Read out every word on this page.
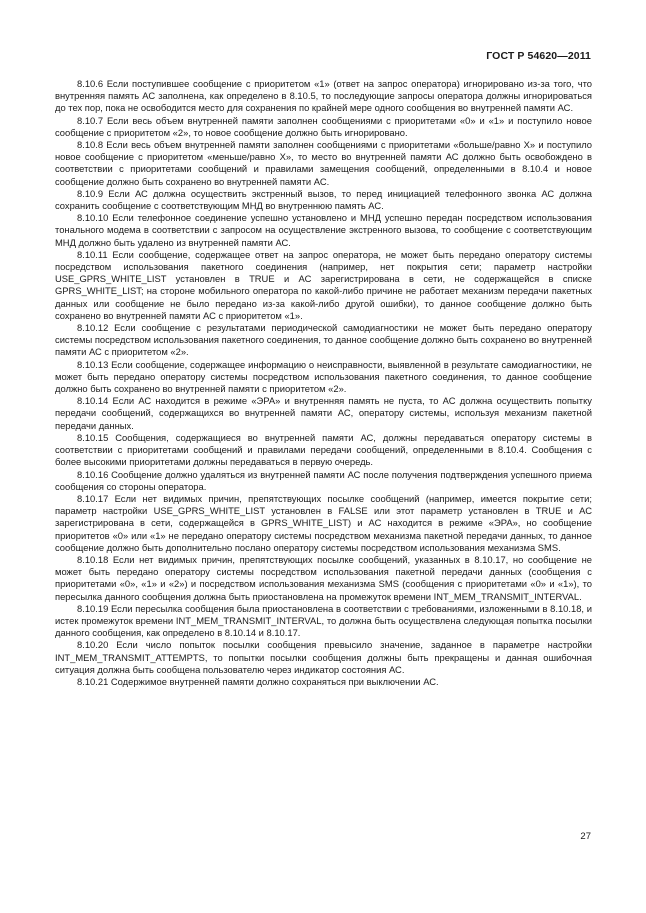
ГОСТ Р 54620—2011

8.10.6 Если поступившее сообщение с приоритетом «1» (ответ на запрос оператора) игнорировано из-за того, что внутренняя память АС заполнена, как определено в 8.10.5, то последующие запросы оператора должны игнорироваться до тех пор, пока не освободится место для сохранения по крайней мере одного сообщения во внутренней памяти АС.

8.10.7 Если весь объем внутренней памяти заполнен сообщениями с приоритетами «0» и «1» и поступило новое сообщение с приоритетом «2», то новое сообщение должно быть игнорировано.

8.10.8 Если весь объем внутренней памяти заполнен сообщениями с приоритетами «больше/равно X» и поступило новое сообщение с приоритетом «меньше/равно X», то место во внутренней памяти АС должно быть освобождено в соответствии с приоритетами сообщений и правилами замещения сообщений, определенными в 8.10.4 и новое сообщение должно быть сохранено во внутренней памяти АС.

8.10.9 Если АС должна осуществить экстренный вызов, то перед инициацией телефонного звонка АС должна сохранить сообщение с соответствующим МНД во внутреннюю память АС.

8.10.10 Если телефонное соединение успешно установлено и МНД успешно передан посредством использования тонального модема в соответствии с запросом на осуществление экстренного вызова, то сообщение с соответствующим МНД должно быть удалено из внутренней памяти АС.

8.10.11 Если сообщение, содержащее ответ на запрос оператора, не может быть передано оператору системы посредством использования пакетного соединения (например, нет покрытия сети; параметр настройки USE_GPRS_WHITE_LIST установлен в TRUE и АС зарегистрирована в сети, не содержащейся в списке GPRS_WHITE_LIST; на стороне мобильного оператора по какой-либо причине не работает механизм передачи пакетных данных или сообщение не было передано из-за какой-либо другой ошибки), то данное сообщение должно быть сохранено во внутренней памяти АС с приоритетом «1».

8.10.12 Если сообщение с результатами периодической самодиагностики не может быть передано оператору системы посредством использования пакетного соединения, то данное сообщение должно быть сохранено во внутренней памяти АС с приоритетом «2».

8.10.13 Если сообщение, содержащее информацию о неисправности, выявленной в результате самодиагностики, не может быть передано оператору системы посредством использования пакетного соединения, то данное сообщение должно быть сохранено во внутренней памяти с приоритетом «2».

8.10.14 Если АС находится в режиме «ЭРА» и внутренняя память не пуста, то АС должна осуществить попытку передачи сообщений, содержащихся во внутренней памяти АС, оператору системы, используя механизм пакетной передачи данных.

8.10.15 Сообщения, содержащиеся во внутренней памяти АС, должны передаваться оператору системы в соответствии с приоритетами сообщений и правилами передачи сообщений, определенными в 8.10.4. Сообщения с более высокими приоритетами должны передаваться в первую очередь.

8.10.16 Сообщение должно удаляться из внутренней памяти АС после получения подтверждения успешного приема сообщения со стороны оператора.

8.10.17 Если нет видимых причин, препятствующих посылке сообщений (например, имеется покрытие сети; параметр настройки USE_GPRS_WHITE_LIST установлен в FALSE или этот параметр установлен в TRUE и АС зарегистрирована в сети, содержащейся в GPRS_WHITE_LIST) и АС находится в режиме «ЭРА», но сообщение приоритетов «0» или «1» не передано оператору системы посредством механизма пакетной передачи данных, то данное сообщение должно быть дополнительно послано оператору системы посредством использования механизма SMS.

8.10.18 Если нет видимых причин, препятствующих посылке сообщений, указанных в 8.10.17, но сообщение не может быть передано оператору системы посредством использования пакетной передачи данных (сообщения с приоритетами «0», «1» и «2») и посредством использования механизма SMS (сообщения с приоритетами «0» и «1»), то пересылка данного сообщения должна быть приостановлена на промежуток времени INT_MEM_TRANSMIT_INTERVAL.

8.10.19 Если пересылка сообщения была приостановлена в соответствии с требованиями, изложенными в 8.10.18, и истек промежуток времени INT_MEM_TRANSMIT_INTERVAL, то должна быть осуществлена следующая попытка посылки данного сообщения, как определено в 8.10.14 и 8.10.17.

8.10.20 Если число попыток посылки сообщения превысило значение, заданное в параметре настройки INT_MEM_TRANSMIT_ATTEMPTS, то попытки посылки сообщения должны быть прекращены и данная ошибочная ситуация должна быть сообщена пользователю через индикатор состояния АС.

8.10.21 Содержимое внутренней памяти должно сохраняться при выключении АС.

27
